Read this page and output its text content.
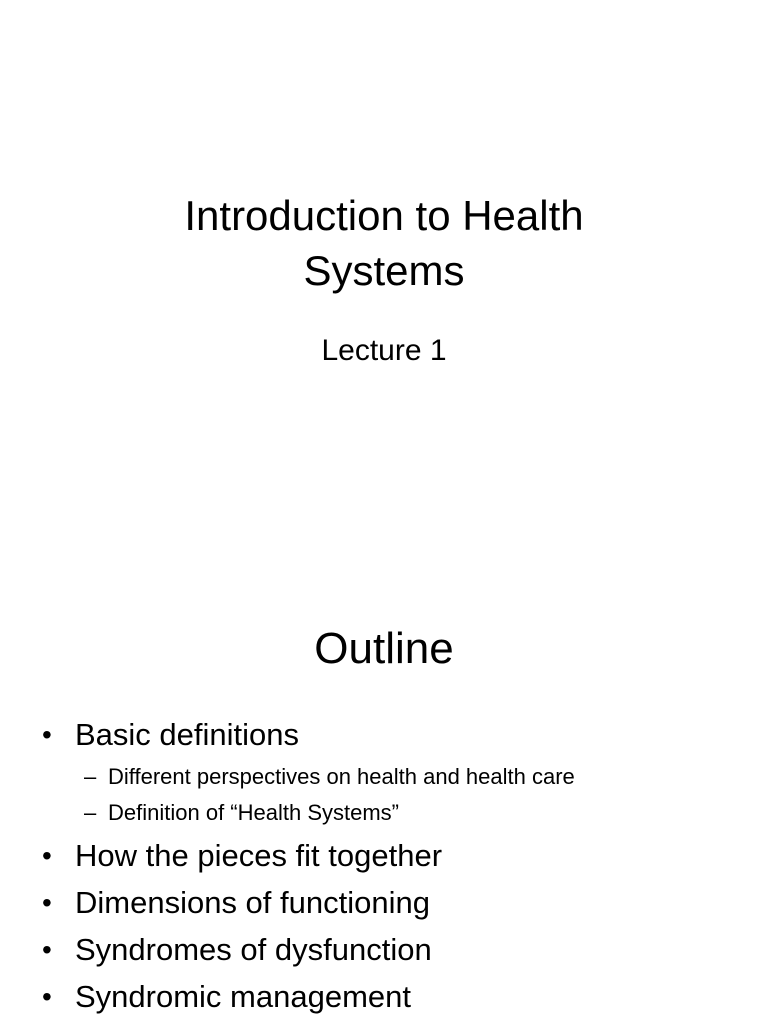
Introduction to Health
Systems
Lecture 1
Outline
• Basic definitions
– Different perspectives on health and health care
– Definition of “Health Systems”
• How the pieces fit together
• Dimensions of functioning
• Syndromes of dysfunction
• Syndromic management
